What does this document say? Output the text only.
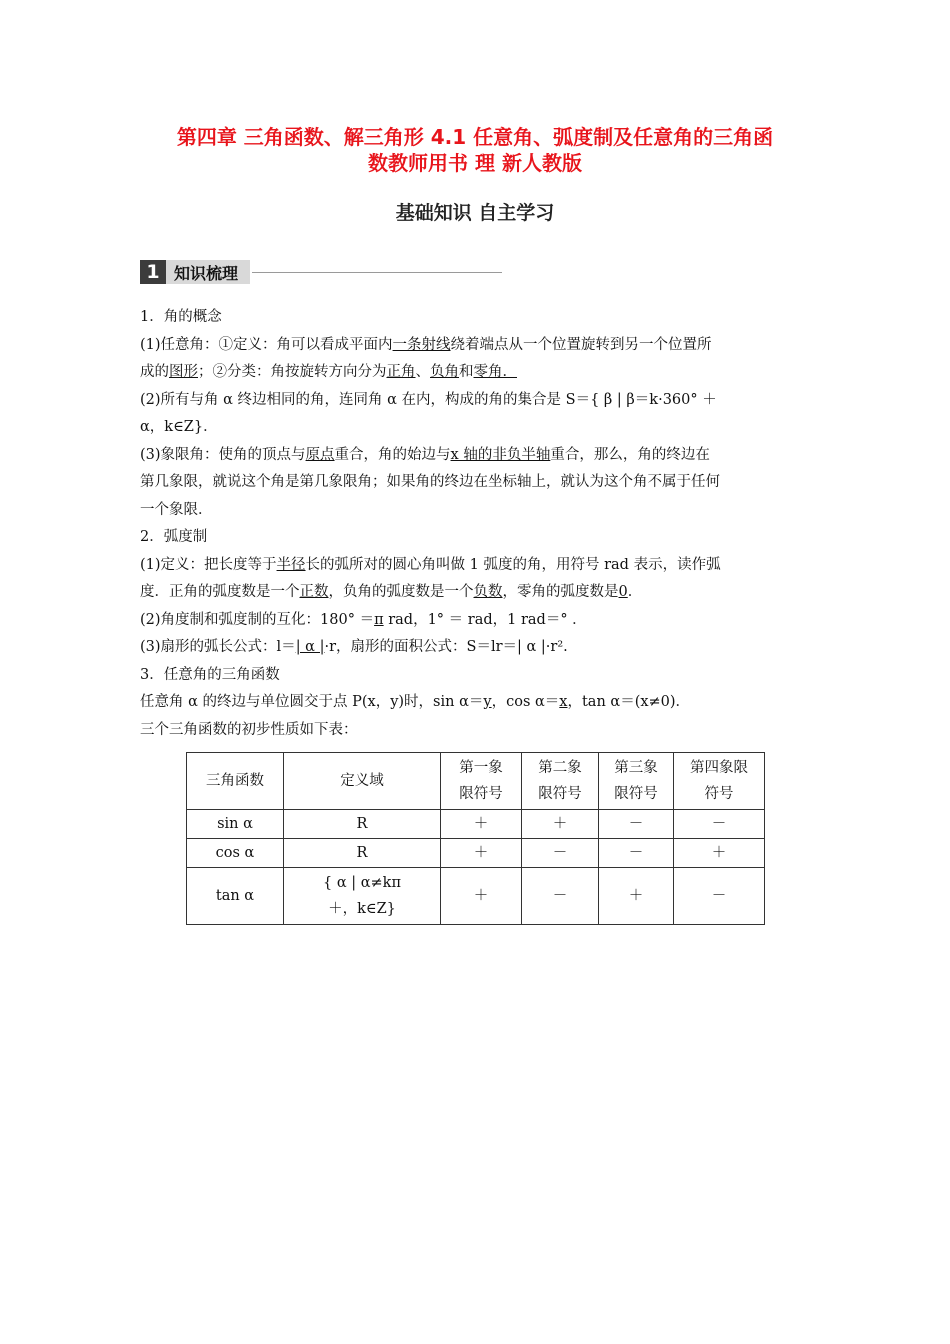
第四章 三角函数、解三角形 4.1 任意角、弧度制及任意角的三角函
数教师用书 理 新人教版
基础知识 自主学习
1 知识梳理
1．角的概念
(1)任意角：①定义：角可以看成平面内一条射线绕着端点从一个位置旋转到另一个位置所
成的图形；②分类：角按旋转方向分为正角、负角和零角．
(2)所有与角 α 终边相同的角，连同角 α 在内，构成的角的集合是 S＝{ β | β＝k·360° ＋
α，k∈Z}．
(3)象限角：使角的顶点与原点重合，角的始边与x 轴的非负半轴重合，那么，角的终边在
第几象限，就说这个角是第几象限角；如果角的终边在坐标轴上，就认为这个角不属于任何
一个象限．
2．弧度制
(1)定义：把长度等于半径长的弧所对的圆心角叫做 1 弧度的角，用符号 rad 表示，读作弧
度．正角的弧度数是一个正数，负角的弧度数是一个负数，零角的弧度数是0．
(2)角度制和弧度制的互化：180° ＝π rad，1° ＝ rad，1 rad＝° ．
(3)扇形的弧长公式：l＝| α |·r，扇形的面积公式：S＝lr＝| α |·r².
3．任意角的三角函数
任意角 α 的终边与单位圆交于点 P(x，y)时，sin α＝y，cos α＝x，tan α＝(x≠0)．
三个三角函数的初步性质如下表：
三角函数	定义域	第一象
限符号	第二象
限符号	第三象
限符号	第四象限
符号
sin α	R	＋	＋	－	－
cos α	R	＋	－	－	＋
tan α	{ α | α≠kπ
＋，k∈Z}	＋	－	＋	－
